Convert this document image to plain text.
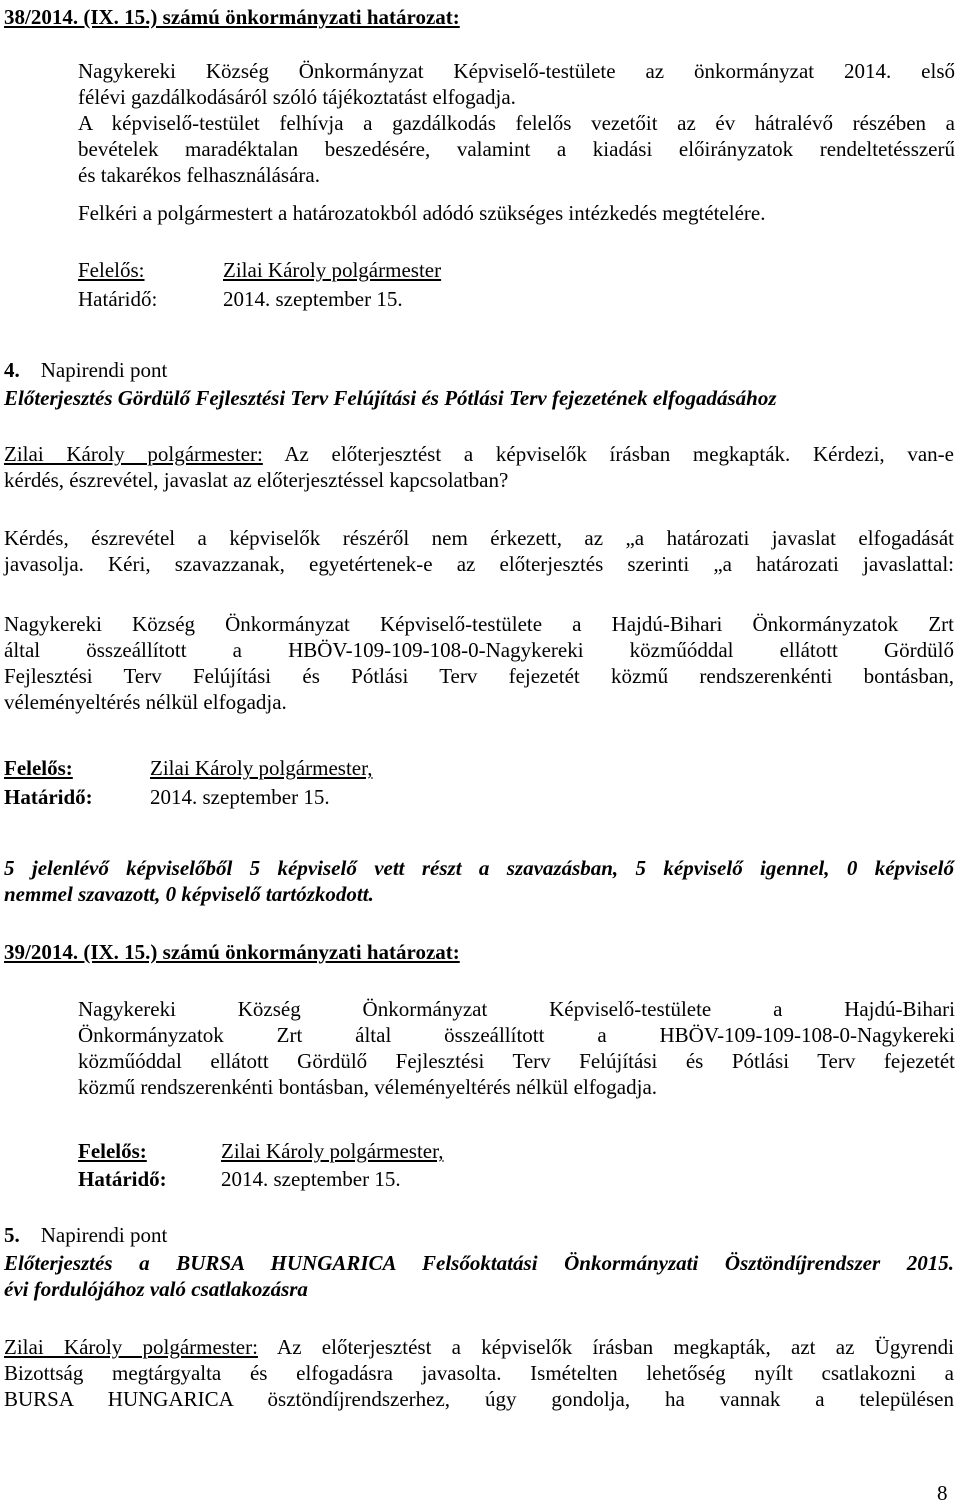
38/2014. (IX. 15.) számú önkormányzati határozat:
Nagykereki Község Önkormányzat Képviselő-testülete az önkormányzat 2014. első
félévi gazdálkodásáról szóló tájékoztatást elfogadja.
A képviselő-testület felhívja a gazdálkodás felelős vezetőit az év hátralévő részében a
bevételek maradéktalan beszedésére, valamint a kiadási előirányzatok rendeltetésszerű
és takarékos felhasználására.
Felkéri a polgármestert a határozatokból adódó szükséges intézkedés megtételére.
Felelős:	Zilai Károly polgármester
Határidő:	2014. szeptember 15.
4. Napirendi pont
Előterjesztés Gördülő Fejlesztési Terv Felújítási és Pótlási Terv fejezetének elfogadásához
Zilai Károly polgármester: Az előterjesztést a képviselők írásban megkapták. Kérdezi, van-e
kérdés, észrevétel, javaslat az előterjesztéssel kapcsolatban?
Kérdés, észrevétel a képviselők részéről nem érkezett, az „a határozati javaslat elfogadását
javasolja. Kéri, szavazzanak, egyetértenek-e az előterjesztés szerinti „a határozati javaslattal:
Nagykereki Község Önkormányzat Képviselő-testülete a Hajdú-Bihari Önkormányzatok Zrt
által összeállított a HBÖV-109-109-108-0-Nagykereki közműóddal ellátott Gördülő
Fejlesztési Terv Felújítási és Pótlási Terv fejezetét közmű rendszerenkénti bontásban,
véleményeltérés nélkül elfogadja.
Felelős:	Zilai Károly polgármester,
Határidő:	2014. szeptember 15.
5 jelenlévő képviselőből 5 képviselő vett részt a szavazásban, 5 képviselő igennel, 0 képviselő
nemmel szavazott, 0 képviselő tartózkodott.
39/2014. (IX. 15.) számú önkormányzati határozat:
Nagykereki Község Önkormányzat Képviselő-testülete a Hajdú-Bihari
Önkormányzatok Zrt által összeállított a HBÖV-109-109-108-0-Nagykereki
közműóddal ellátott Gördülő Fejlesztési Terv Felújítási és Pótlási Terv fejezetét
közmű rendszerenkénti bontásban, véleményeltérés nélkül elfogadja.
Felelős:	Zilai Károly polgármester,
Határidő:	2014. szeptember 15.
5. Napirendi pont
Előterjesztés a BURSA HUNGARICA Felsőoktatási Önkormányzati Ösztöndíjrendszer 2015.
évi fordulójához való csatlakozásra
Zilai Károly polgármester: Az előterjesztést a képviselők írásban megkapták, azt az Ügyrendi
Bizottság megtárgyalta és elfogadásra javasolta. Ismételten lehetőség nyílt csatlakozni a
BURSA HUNGARICA ösztöndíjrendszerhez, úgy gondolja, ha vannak a településen
8
